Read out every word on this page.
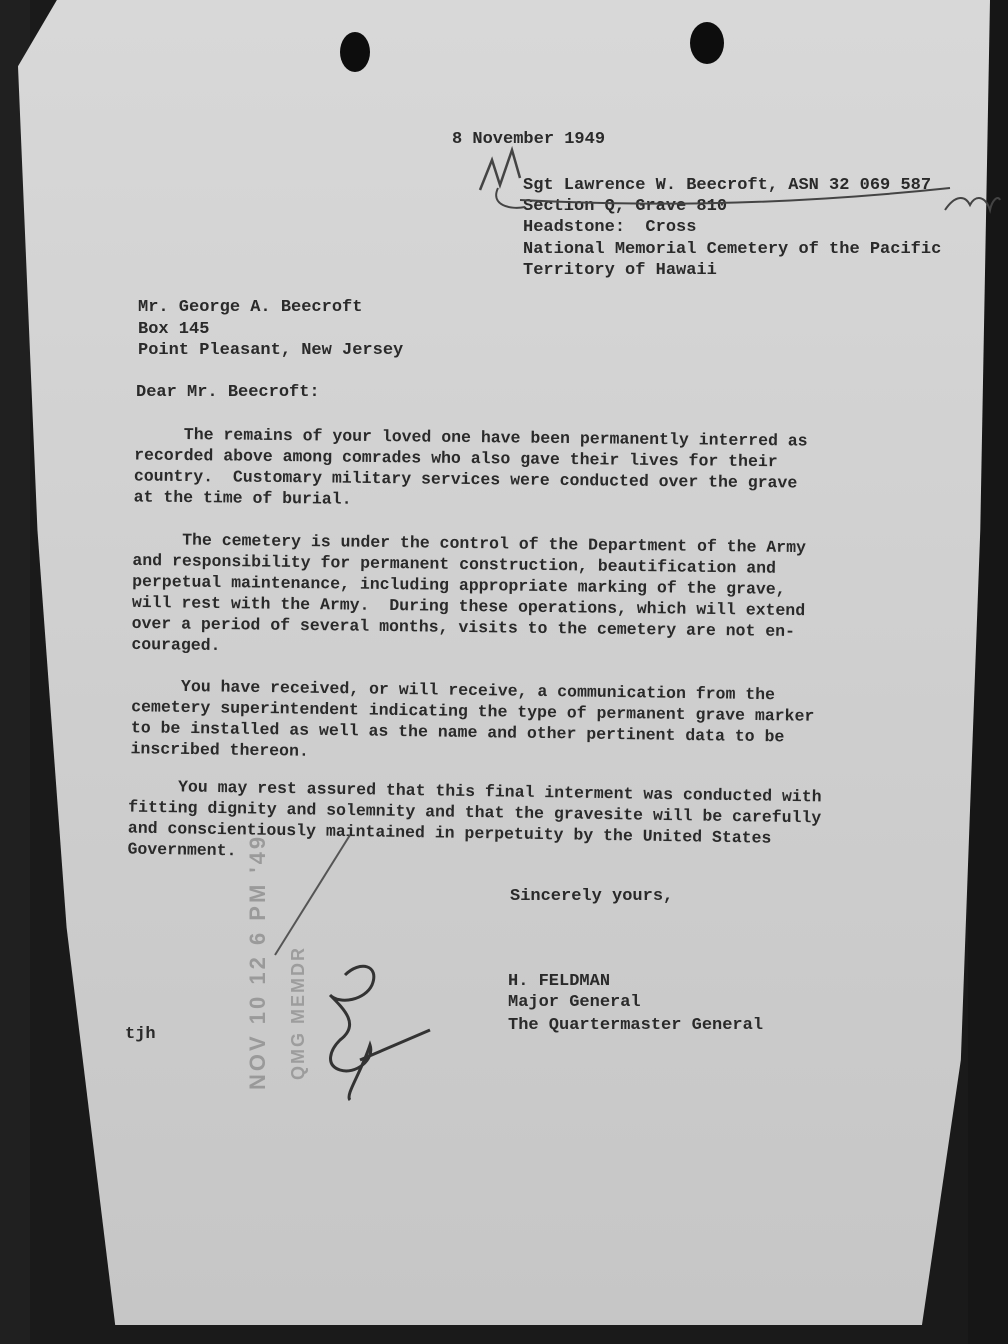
8 November 1949
Sgt Lawrence W. Beecroft, ASN 32 069 587
Section Q, Grave 810
Headstone:  Cross
National Memorial Cemetery of the Pacific
Territory of Hawaii
Mr. George A. Beecroft
Box 145
Point Pleasant, New Jersey
Dear Mr. Beecroft:
The remains of your loved one have been permanently interred as
recorded above among comrades who also gave their lives for their
country.  Customary military services were conducted over the grave
at the time of burial.
The cemetery is under the control of the Department of the Army
and responsibility for permanent construction, beautification and
perpetual maintenance, including appropriate marking of the grave,
will rest with the Army.  During these operations, which will extend
over a period of several months, visits to the cemetery are not en-
couraged.
You have received, or will receive, a communication from the
cemetery superintendent indicating the type of permanent grave marker
to be installed as well as the name and other pertinent data to be
inscribed thereon.
You may rest assured that this final interment was conducted with
fitting dignity and solemnity and that the gravesite will be carefully
and conscientiously maintained in perpetuity by the United States
Government.
Sincerely yours,
H. FELDMAN
Major General
The Quartermaster General
tjh	NOV 10 12 6 PM '49 QMG MEMDR
